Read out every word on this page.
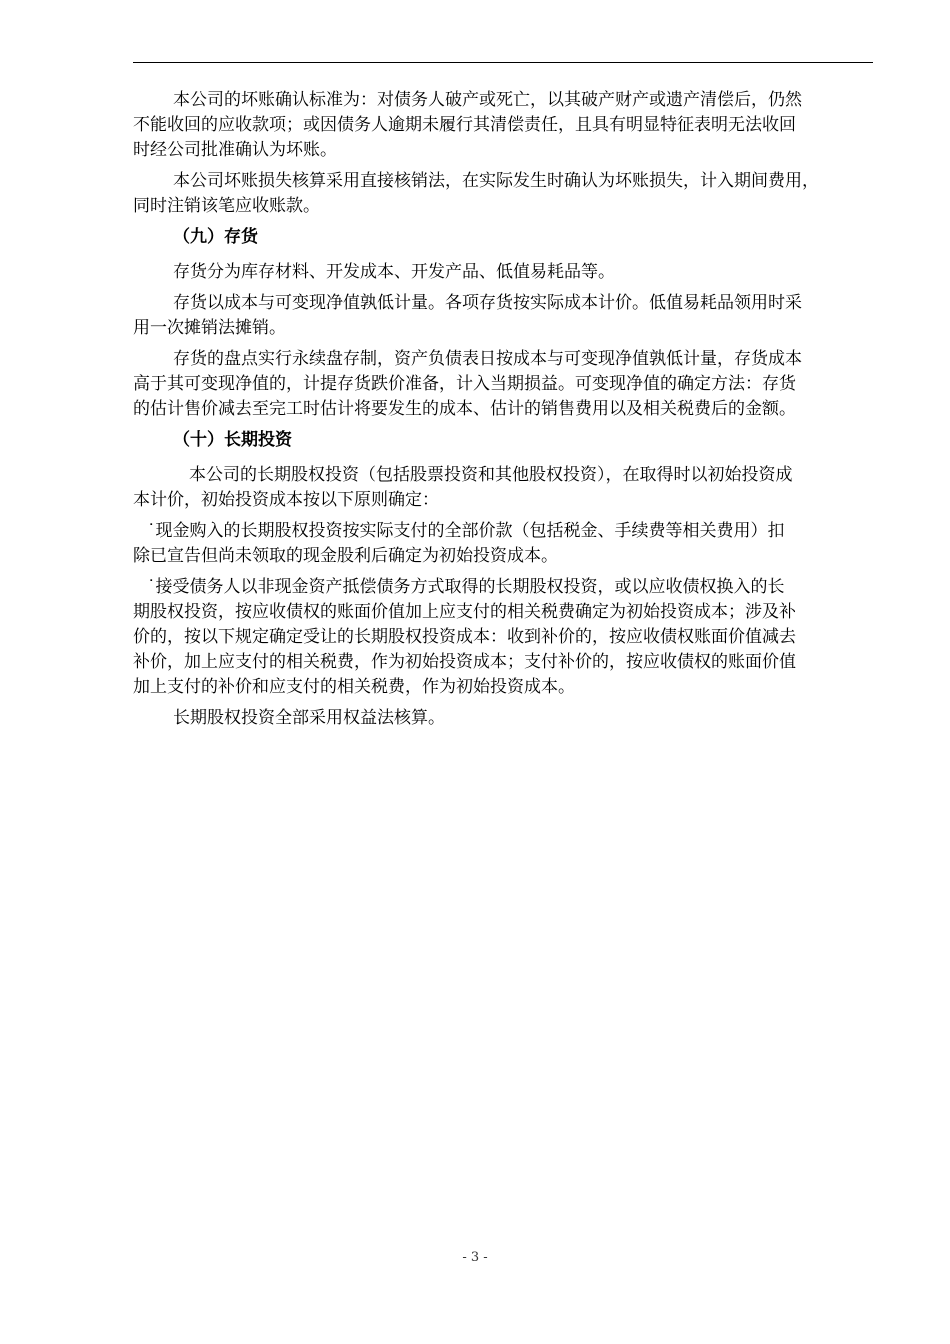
本公司的坏账确认标准为：对债务人破产或死亡，以其破产财产或遗产清偿后，仍然
不能收回的应收款项；或因债务人逾期未履行其清偿责任，且具有明显特征表明无法收回
时经公司批准确认为坏账。
本公司坏账损失核算采用直接核销法，在实际发生时确认为坏账损失，计入期间费用，
同时注销该笔应收账款。
（九）存货
存货分为库存材料、开发成本、开发产品、低值易耗品等。
存货以成本与可变现净值孰低计量。各项存货按实际成本计价。低值易耗品领用时采
用一次摊销法摊销。
存货的盘点实行永续盘存制，资产负债表日按成本与可变现净值孰低计量，存货成本
高于其可变现净值的，计提存货跌价准备，计入当期损益。可变现净值的确定方法：存货
的估计售价减去至完工时估计将要发生的成本、估计的销售费用以及相关税费后的金额。
（十）长期投资
本公司的长期股权投资（包括股票投资和其他股权投资），在取得时以初始投资成
本计价，初始投资成本按以下原则确定：
˙现金购入的长期股权投资按实际支付的全部价款（包括税金、手续费等相关费用）扣
除已宣告但尚未领取的现金股利后确定为初始投资成本。
˙接受债务人以非现金资产抵偿债务方式取得的长期股权投资，或以应收债权换入的长
期股权投资，按应收债权的账面价值加上应支付的相关税费确定为初始投资成本；涉及补
价的，按以下规定确定受让的长期股权投资成本：收到补价的，按应收债权账面价值减去
补价，加上应支付的相关税费，作为初始投资成本；支付补价的，按应收债权的账面价值
加上支付的补价和应支付的相关税费，作为初始投资成本。
长期股权投资全部采用权益法核算。
- 3 -
